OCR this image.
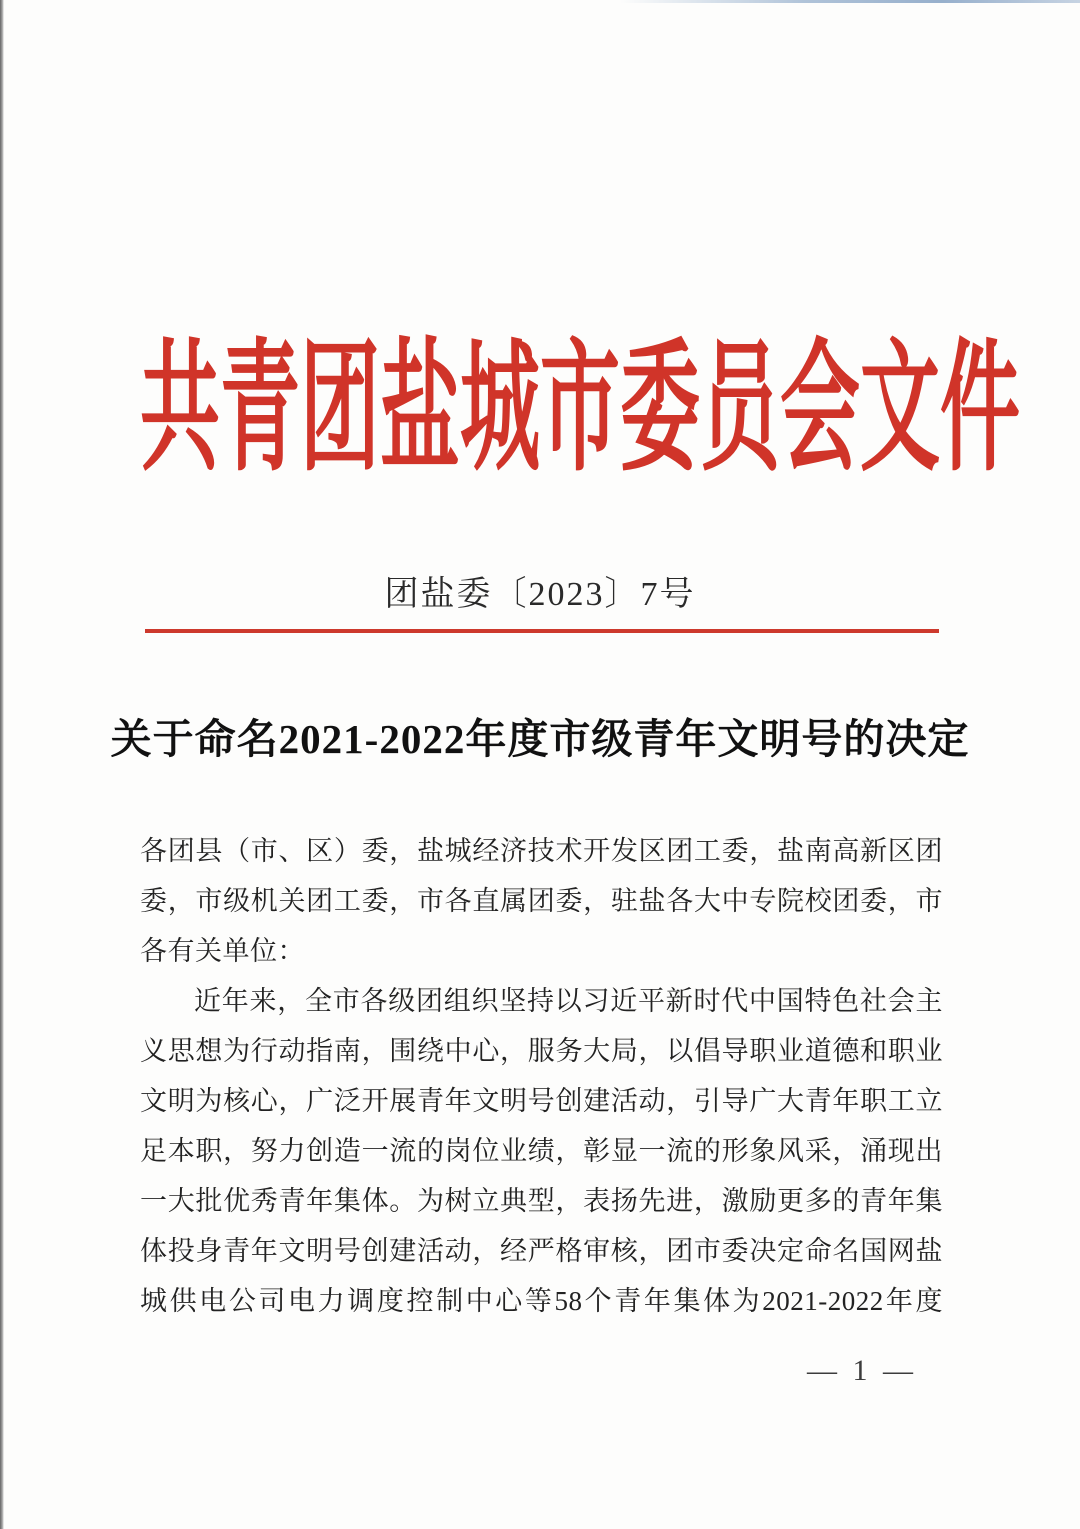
共青团盐城市委员会文件
团盐委〔2023〕7号
关于命名2021-2022年度市级青年文明号的决定
各团县（市、区）委，盐城经济技术开发区团工委，盐南高新区团
委，市级机关团工委，市各直属团委，驻盐各大中专院校团委，市
各有关单位：
近年来，全市各级团组织坚持以习近平新时代中国特色社会主
义思想为行动指南，围绕中心，服务大局，以倡导职业道德和职业
文明为核心，广泛开展青年文明号创建活动，引导广大青年职工立
足本职，努力创造一流的岗位业绩，彰显一流的形象风采，涌现出
一大批优秀青年集体。为树立典型，表扬先进，激励更多的青年集
体投身青年文明号创建活动，经严格审核，团市委决定命名国网盐
城供电公司电力调度控制中心等58个青年集体为2021-2022年度
— 1 —
